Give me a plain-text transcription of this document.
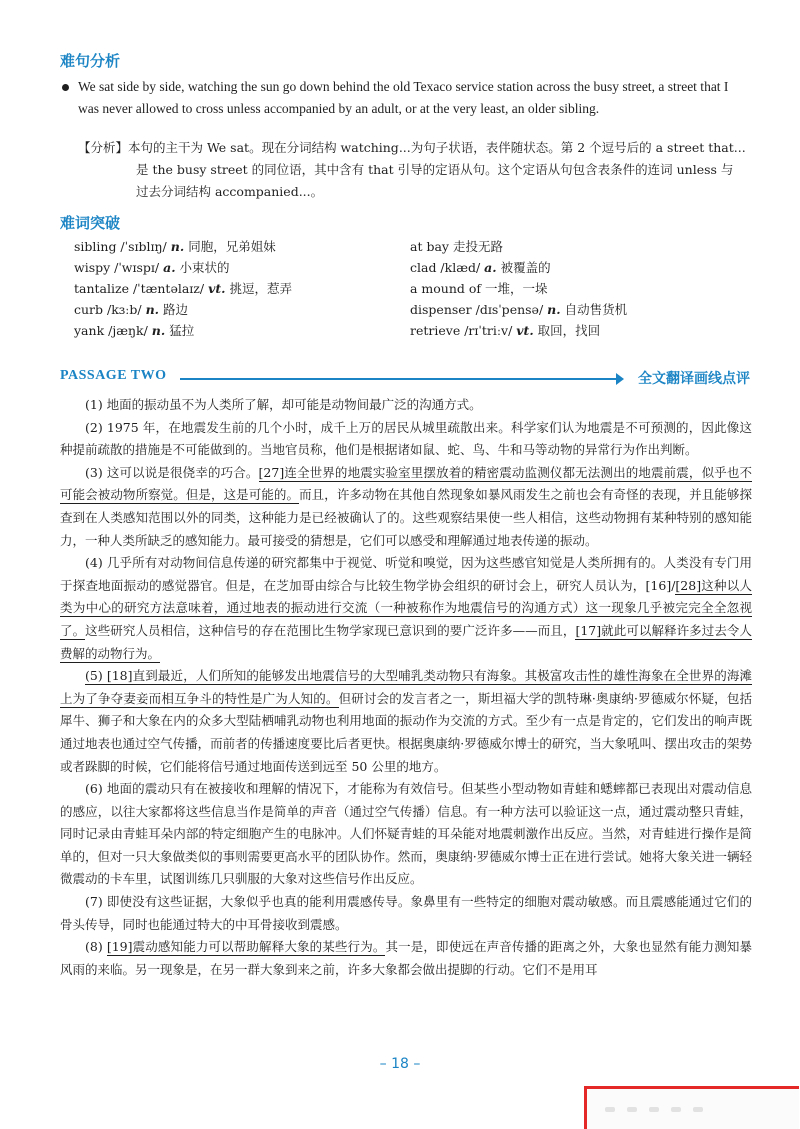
难句分析
We sat side by side, watching the sun go down behind the old Texaco service station across the busy street, a street that I was never allowed to cross unless accompanied by an adult, or at the very least, an older sibling.
【分析】本句的主干为 We sat。现在分词结构 watching...为句子状语，表伴随状态。第 2 个逗号后的 a street that...
是 the busy street 的同位语，其中含有 that 引导的定语从句。这个定语从句包含表条件的连词 unless 与
过去分词结构 accompanied...。
难词突破
sibling /ˈsɪblɪŋ/ n. 同胞，兄弟姐妹
wispy /ˈwɪspɪ/ a. 小束状的
tantalize /ˈtæntəlaɪz/ vt. 挑逗，惹弄
curb /kɜːb/ n. 路边
yank /jæŋk/ n. 猛拉
at bay 走投无路
clad /klæd/ a. 被覆盖的
a mound of 一堆，一垛
dispenser /dɪsˈpensə/ n. 自动售货机
retrieve /rɪˈtriːv/ vt. 取回，找回
PASSAGE TWO	全文翻译画线点评

(1) 地面的振动虽不为人类所了解，却可能是动物间最广泛的沟通方式。

(2) 1975 年，在地震发生前的几个小时，成千上万的居民从城里疏散出来。科学家们认为地震是不可预测的，因此像这种提前疏散的措施是不可能做到的。当地官员称，他们是根据诸如鼠、蛇、鸟、牛和马等动物的异常行为作出判断。

(3) 这可以说是很侥幸的巧合。[27]连全世界的地震实验室里摆放着的精密震动监测仪都无法测出的地震前震，似乎也不可能会被动物所察觉。但是，这是可能的。而且，许多动物在其他自然现象如暴风雨发生之前也会有奇怪的表现，并且能够探查到在人类感知范围以外的同类，这种能力是已经被确认了的。这些观察结果使一些人相信，这些动物拥有某种特别的感知能力，一种人类所缺乏的感知能力。最可接受的猜想是，它们可以感受和理解通过地表传递的振动。

(4) 几乎所有对动物间信息传递的研究都集中于视觉、听觉和嗅觉，因为这些感官知觉是人类所拥有的。人类没有专门用于探查地面振动的感觉器官。但是，在芝加哥由综合与比较生物学协会组织的研讨会上，研究人员认为，[16]/[28]这种以人类为中心的研究方法意味着，通过地表的振动进行交流（一种被称作为地震信号的沟通方式）这一现象几乎被完完全全忽视了。这些研究人员相信，这种信号的存在范围比生物学家现已意识到的要广泛许多——而且，[17]就此可以解释许多过去令人费解的动物行为。

(5) [18]直到最近，人们所知的能够发出地震信号的大型哺乳类动物只有海象。其极富攻击性的雄性海象在全世界的海滩上为了争夺妻妾而相互争斗的特性是广为人知的。但研讨会的发言者之一，斯坦福大学的凯特琳·奥康纳·罗德威尔怀疑，包括犀牛、狮子和大象在内的众多大型陆栖哺乳动物也利用地面的振动作为交流的方式。至少有一点是肯定的，它们发出的响声既通过地表也通过空气传播，而前者的传播速度要比后者更快。根据奥康纳·罗德威尔博士的研究，当大象吼叫、摆出攻击的架势或者跺脚的时候，它们能将信号通过地面传送到远至 50 公里的地方。

(6) 地面的震动只有在被接收和理解的情况下，才能称为有效信号。但某些小型动物如青蛙和蟋蟀都已表现出对震动信息的感应，以往大家都将这些信息当作是简单的声音（通过空气传播）信息。有一种方法可以验证这一点，通过震动整只青蛙，同时记录由青蛙耳朵内部的特定细胞产生的电脉冲。人们怀疑青蛙的耳朵能对地震刺激作出反应。当然，对青蛙进行操作是简单的，但对一只大象做类似的事则需要更高水平的团队协作。然而，奥康纳·罗德威尔博士正在进行尝试。她将大象关进一辆轻微震动的卡车里，试图训练几只驯服的大象对这些信号作出反应。

(7) 即使没有这些证据，大象似乎也真的能利用震感传导。象鼻里有一些特定的细胞对震动敏感。而且震感能通过它们的骨头传导，同时也能通过特大的中耳骨接收到震感。

(8) [19]震动感知能力可以帮助解释大象的某些行为。其一是，即使远在声音传播的距离之外，大象也显然有能力测知暴风雨的来临。另一现象是，在另一群大象到来之前，许多大象都会做出提脚的行动。它们不是用耳

– 18 –
